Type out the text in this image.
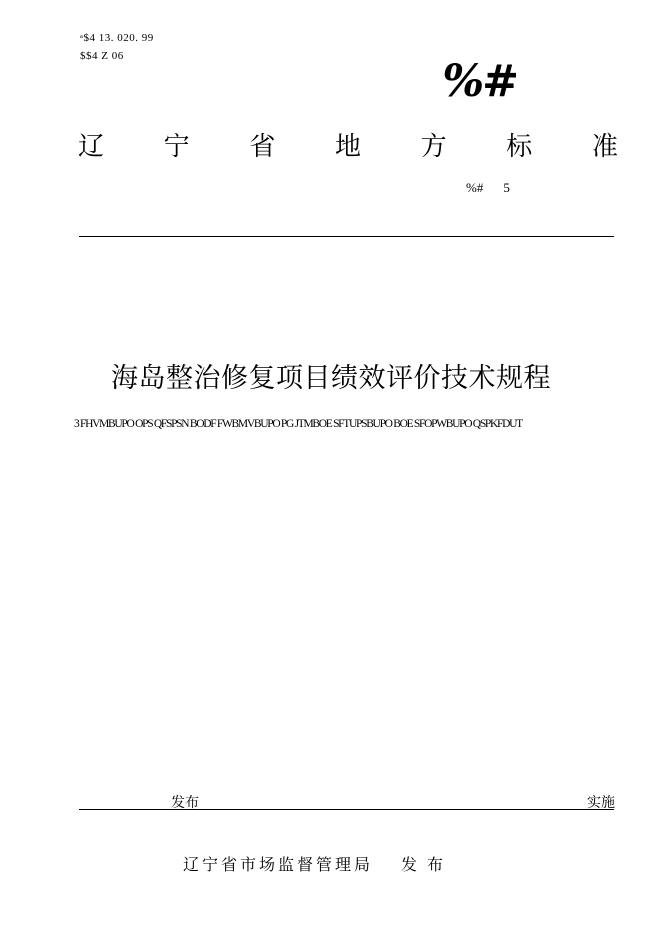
ᵃ$4 13. 020. 99
$$4 Z 06	%#
辽 宁 省 地 方 标 准
%# 5
海岛整治修复项目绩效评价技术规程
3 FHVMBUPO OPS QFSPSN BODF FWBMVBUPO PG JTMBOE SFTUPSBUPO BOE SFOPWBUPO QSPKFDUT
发布	实施
辽宁省市场监督管理局 发布
